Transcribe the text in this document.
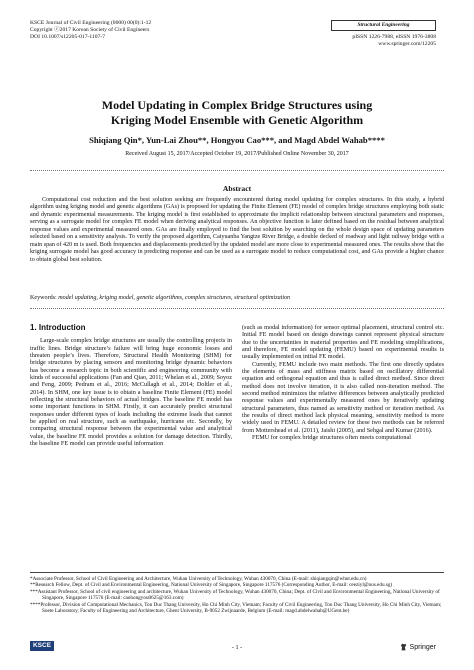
KSCE Journal of Civil Engineering (0000) 00(0):1-12
Copyright ⓒ2017 Korean Society of Civil Engineers
DOI 10.1007/s12205-017-1107-7
Structural Engineering
pISSN 1226-7988, eISSN 1976-3808
www.springer.com/12205
Model Updating in Complex Bridge Structures using
Kriging Model Ensemble with Genetic Algorithm
Shiqiang Qin*, Yun-Lai Zhou**, Hongyou Cao***, and Magd Abdel Wahab****
Received August 15, 2017/Accepted October 19, 2017/Published Online November 30, 2017
Abstract
Computational cost reduction and the best solution seeking are frequently encountered during model updating for complex structures. In this study, a hybrid algorithm using kriging model and genetic algorithms (GAs) is proposed for updating the Finite Element (FE) model of complex bridge structures employing both static and dynamic experimental measurements. The kriging model is first established to approximate the implicit relationship between structural parameters and responses, serving as a surrogate model for complex FE model when deriving analytical responses. An objective function is later defined based on the residual between analytical response values and experimental measured ones. GAs are finally employed to find the best solution by searching on the whole design space of updating parameters selected based on a sensitivity analysis. To verify the proposed algorithm, Caiyuanba Yangtze River Bridge, a double decked of roadway and light railway bridge with a main span of 420 m is used. Both frequencies and displacements predicted by the updated model are more close to experimental measured ones. The results show that the kriging surrogate model has good accuracy in predicting response and can be used as a surrogate model to reduce computational cost, and GAs provide a higher chance to obtain global best solution.
Keywords: model updating, kriging model, genetic algorithms, complex structures, structural optimization
1. Introduction

Large-scale complex bridge structures are usually the controlling projects in traffic lines. Bridge structure’s failure will bring huge economic losses and threaten people’s lives. Therefore, Structural Health Monitoring (SHM) for bridge structures by placing sensors and monitoring bridge dynamic behaviors has become a research topic in both scientific and engineering community with kinds of successful applications (Fan and Qiao, 2011; Whelan et al., 2009; Soyoz and Feng, 2009; Pedram et al., 2016; McCullagh et al., 2014; Doltler et al., 2014). In SHM, one key issue is to obtain a baseline Finite Element (FE) model reflecting the structural behaviors of actual bridges. The baseline FE model has some important functions in SHM. Firstly, it can accurately predict structural responses under different types of loads including the extreme loads that cannot be applied on real structure, such as earthquake, hurricane etc. Secondly, by comparing structural response between the experimental value and analytical value, the baseline FE model provides a solution for damage detection. Thirdly, the baseline FE model can provide useful information

(such as modal information) for sensor optimal placement, structural control etc. Initial FE model based on design drawings cannot represent physical structure due to the uncertainties in material properties and FE modeling simplifications, and therefore, FE model updating (FEMU) based on experimental results is usually implemented on initial FE model.

Currently, FEMU include two main methods. The first one directly updates the elements of mass and stiffness matrix based on oscillatory differential equation and orthogonal equation and thus is called direct method. Since direct method does not involve iteration, it is also called non-iteration method. The second method minimizes the relative differences between analytically predicted response values and experimentally measured ones by iteratively updating structural parameters, thus named as sensitivity method or iteration method. As the results of direct method lack physical meaning, sensitivity method is more widely used in FEMU. A detailed review for these two methods can be referred from Mottershead et al. (2011), Jaishi (2005), and Sehgal and Kumar (2016).

FEMU for complex bridge structures often meets computational

*Associate Professor, School of Civil Engineering and Architecture, Wuhan University of Technology, Wuhan 430070, China (E-mail: shiqiangqin@whut.edu.cn)
**Research Fellow, Dept. of Civil and Environmental Engineering, National University of Singapore, Singapore 117576 (Corresponding Author, E-mail: ceeziyl@nus.edu.sg)
***Assistant Professor, School of civil engineering and architecture, Wuhan University of Technology, Wuhan 430070, China; Dept. of Civil and Environmental Engineering, National University of Singapore, Singapore 117576 (E-mail: caohongyou0625@163.com)
****Professor, Division of Computational Mechanics, Ton Duc Thang University, Ho Chi Minh City, Vietnam; Faculty of Civil Engineering, Ton Duc Thang University, Ho Chi Minh City, Vietnam; Soete Laboratory, Faculty of Engineering and Architecture, Ghent University, B-9052 Zwijnaarde, Belgium (E-mail: magd.abdelwahab@UGent.be)
KSCE	- 1 -	Springer
